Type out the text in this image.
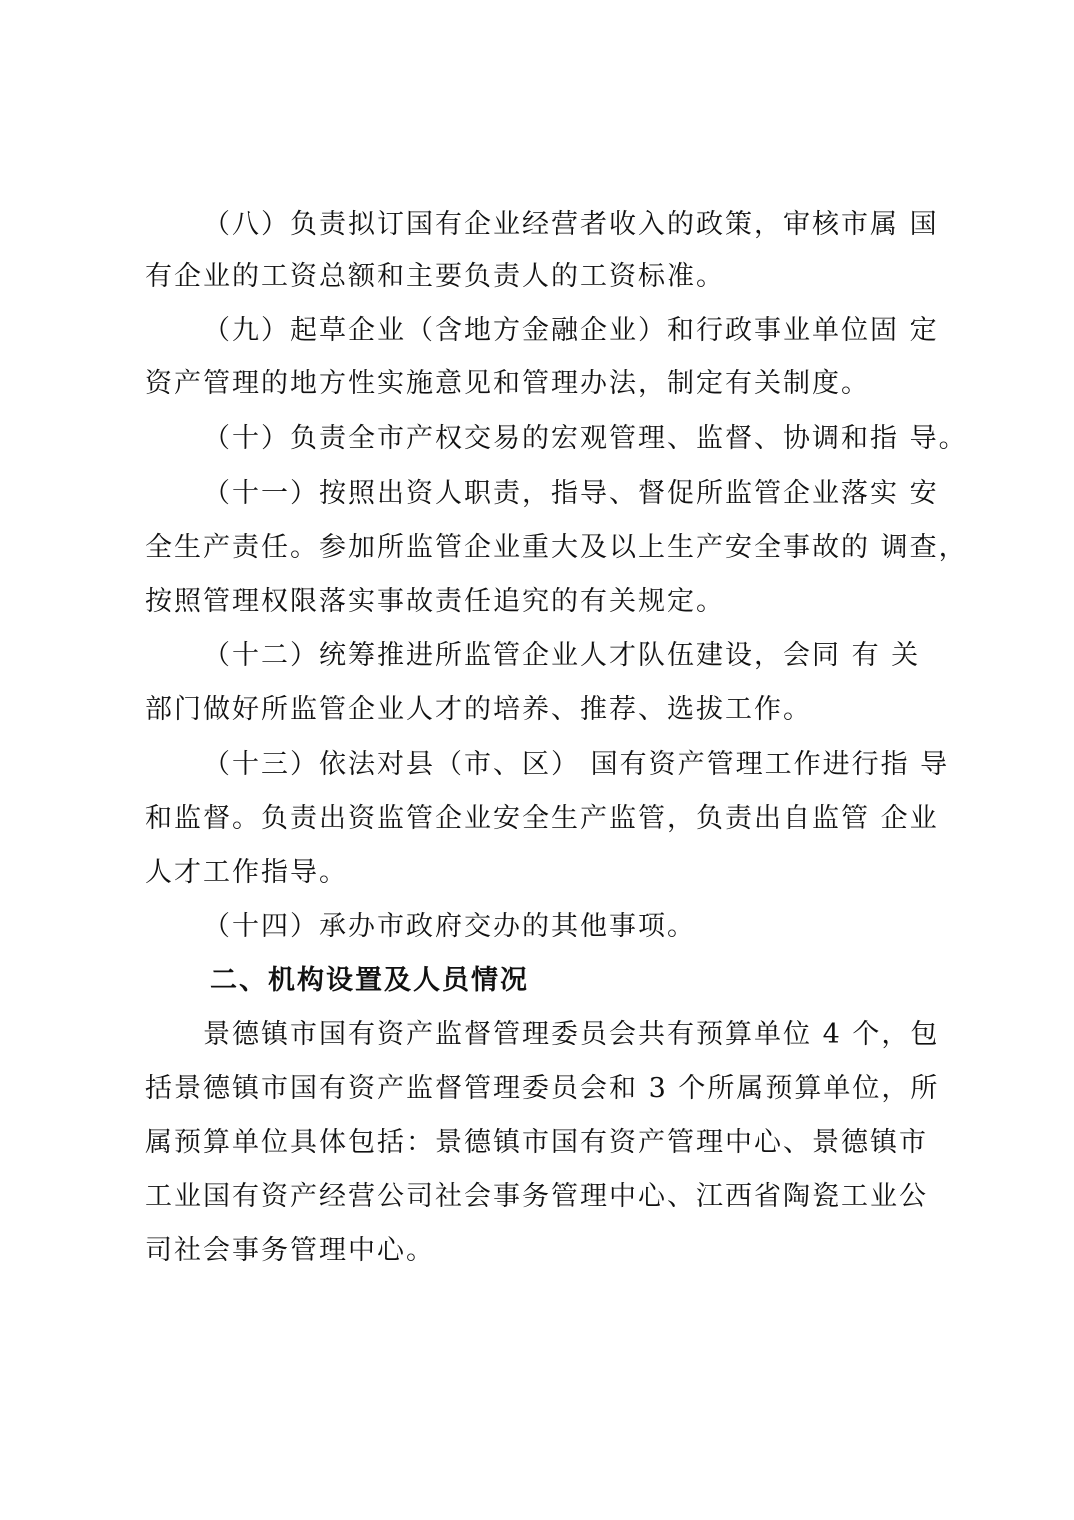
（八）负责拟订国有企业经营者收入的政策，审核市属 国
有企业的工资总额和主要负责人的工资标准。
（九）起草企业（含地方金融企业）和行政事业单位固 定
资产管理的地方性实施意见和管理办法，制定有关制度。
（十）负责全市产权交易的宏观管理、监督、协调和指 导。
（十一）按照出资人职责，指导、督促所监管企业落实 安
全生产责任。参加所监管企业重大及以上生产安全事故的 调查，
按照管理权限落实事故责任追究的有关规定。
（十二）统筹推进所监管企业人才队伍建设，会同 有 关
部门做好所监管企业人才的培养、推荐、选拔工作。
（十三）依法对县（市、区） 国有资产管理工作进行指 导
和监督。负责出资监管企业安全生产监管，负责出自监管 企业
人才工作指导。
（十四）承办市政府交办的其他事项。
二、机构设置及人员情况
景德镇市国有资产监督管理委员会共有预算单位 4 个，包
括景德镇市国有资产监督管理委员会和 3 个所属预算单位，所
属预算单位具体包括：景德镇市国有资产管理中心、景德镇市
工业国有资产经营公司社会事务管理中心、江西省陶瓷工业公
司社会事务管理中心。
